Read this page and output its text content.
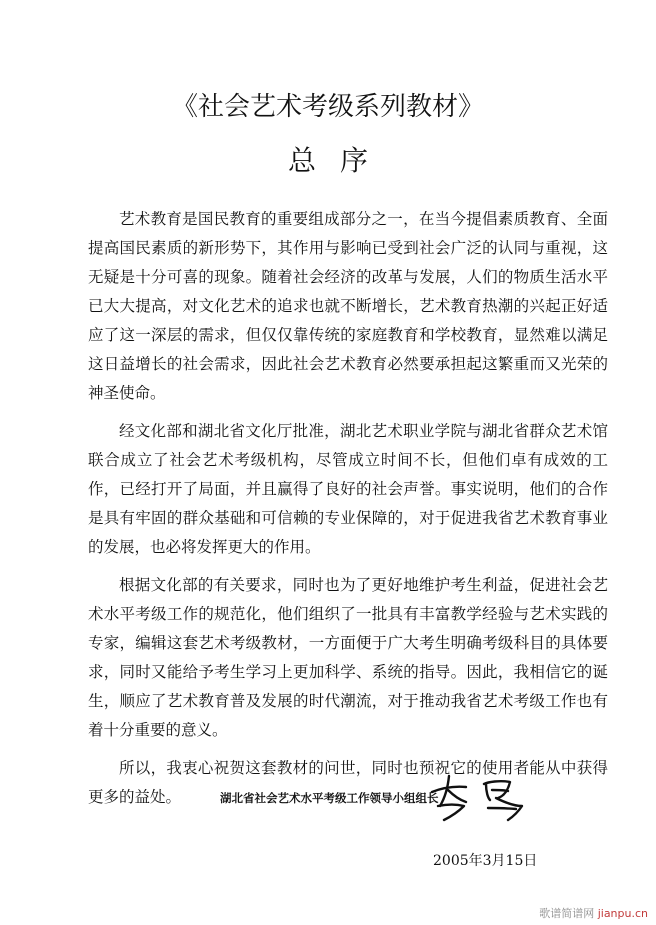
《社会艺术考级系列教材》
总序

艺术教育是国民教育的重要组成部分之一，在当今提倡素质教育、全面提高国民素质的新形势下，其作用与影响已受到社会广泛的认同与重视，这无疑是十分可喜的现象。随着社会经济的改革与发展，人们的物质生活水平已大大提高，对文化艺术的追求也就不断增长，艺术教育热潮的兴起正好适应了这一深层的需求，但仅仅靠传统的家庭教育和学校教育，显然难以满足这日益增长的社会需求，因此社会艺术教育必然要承担起这繁重而又光荣的神圣使命。

经文化部和湖北省文化厅批准，湖北艺术职业学院与湖北省群众艺术馆联合成立了社会艺术考级机构，尽管成立时间不长，但他们卓有成效的工作，已经打开了局面，并且赢得了良好的社会声誉。事实说明，他们的合作是具有牢固的群众基础和可信赖的专业保障的，对于促进我省艺术教育事业的发展，也必将发挥更大的作用。

根据文化部的有关要求，同时也为了更好地维护考生利益，促进社会艺术水平考级工作的规范化，他们组织了一批具有丰富教学经验与艺术实践的专家，编辑这套艺术考级教材，一方面便于广大考生明确考级科目的具体要求，同时又能给予考生学习上更加科学、系统的指导。因此，我相信它的诞生，顺应了艺术教育普及发展的时代潮流，对于推动我省艺术考级工作也有着十分重要的意义。

所以，我衷心祝贺这套教材的问世，同时也预祝它的使用者能从中获得更多的益处。	湖北省社会艺术水平考级工作领导小组组长
2005年3月15日
歌谱简谱网 jianpu.cn
